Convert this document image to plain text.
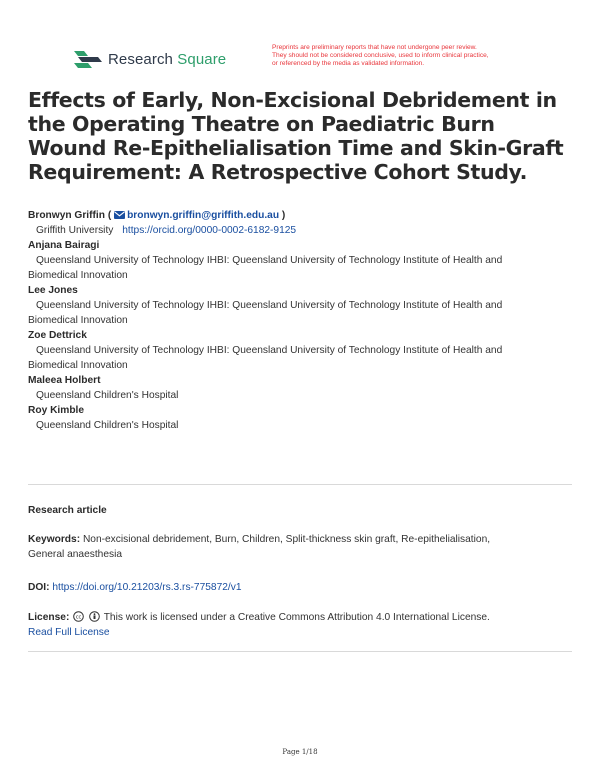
Research Square
Preprints are preliminary reports that have not undergone peer review.
They should not be considered conclusive, used to inform clinical practice,
or referenced by the media as validated information.
Effects of Early, Non-Excisional Debridement in the Operating Theatre on Paediatric Burn Wound Re-Epithelialisation Time and Skin-Graft Requirement: A Retrospective Cohort Study.
Bronwyn Griffin ( bronwyn.griffin@griffith.edu.au )
Griffith University https://orcid.org/0000-0002-6182-9125
Anjana Bairagi
Queensland University of Technology IHBI: Queensland University of Technology Institute of Health and
Biomedical Innovation
Lee Jones
Queensland University of Technology IHBI: Queensland University of Technology Institute of Health and
Biomedical Innovation
Zoe Dettrick
Queensland University of Technology IHBI: Queensland University of Technology Institute of Health and
Biomedical Innovation
Maleea Holbert
Queensland Children's Hospital
Roy Kimble
Queensland Children's Hospital
Research article
Keywords: Non-excisional debridement, Burn, Children, Split-thickness skin graft, Re-epithelialisation,
General anaesthesia
DOI: https://doi.org/10.21203/rs.3.rs-775872/v1
License: cc This work is licensed under a Creative Commons Attribution 4.0 International License.
Read Full License
Page 1/18
